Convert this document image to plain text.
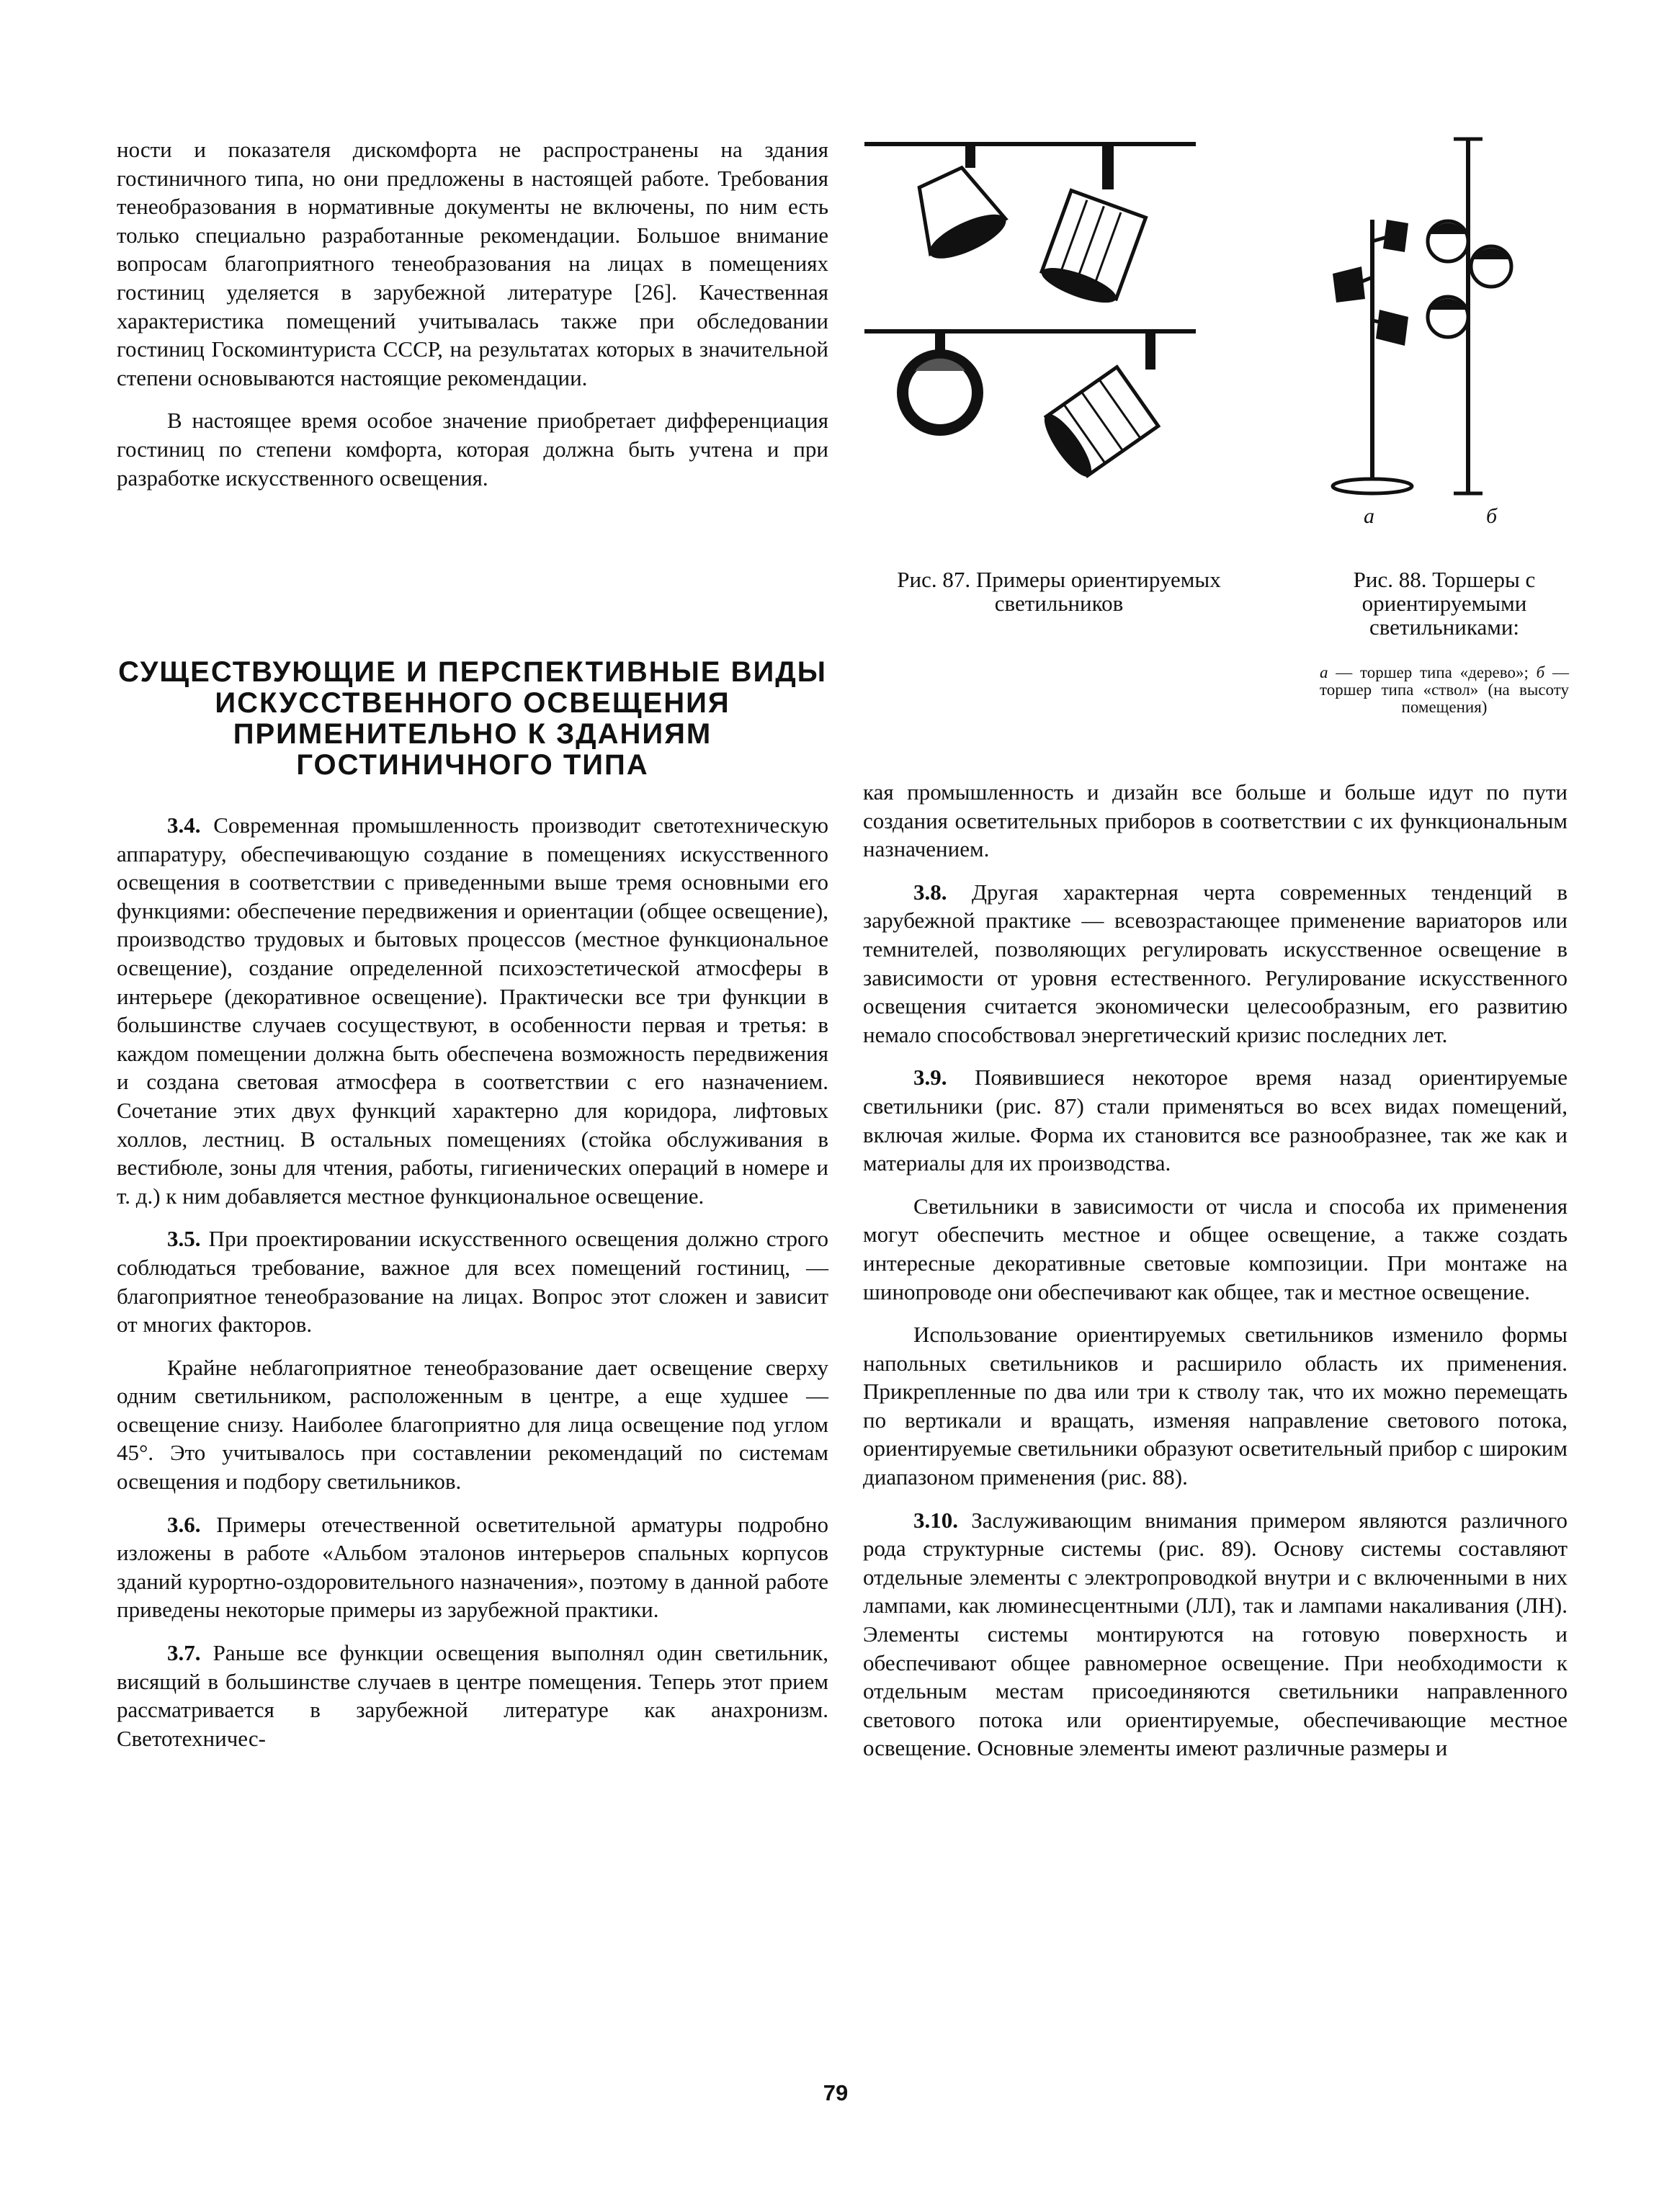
ности и показателя дискомфорта не распространены на здания гостиничного типа, но они предложены в настоящей работе. Требования тенеобразования в нормативные документы не включены, по ним есть только специально разработанные рекомендации. Большое внимание вопросам благоприятного тенеобразования на лицах в помещениях гостиниц уделяется в зарубежной литературе [26]. Качественная характеристика помещений учитывалась также при обследовании гостиниц Госкоминтуриста СССР, на результатах которых в значительной степени основываются настоящие рекомендации.

В настоящее время особое значение приобретает дифференциация гостиниц по степени комфорта, которая должна быть учтена и при разработке искусственного освещения.

СУЩЕСТВУЮЩИЕ И ПЕРСПЕКТИВНЫЕ ВИДЫ ИСКУССТВЕННОГО ОСВЕЩЕНИЯ ПРИМЕНИТЕЛЬНО К ЗДАНИЯМ ГОСТИНИЧНОГО ТИПА

3.4. Современная промышленность производит светотехническую аппаратуру, обеспечивающую создание в помещениях искусственного освещения в соответствии с приведенными выше тремя основными его функциями: обеспечение передвижения и ориентации (общее освещение), производство трудовых и бытовых процессов (местное функциональное освещение), создание определенной психоэстетической атмосферы в интерьере (декоративное освещение). Практически все три функции в большинстве случаев сосуществуют, в особенности первая и третья: в каждом помещении должна быть обеспечена возможность передвижения и создана световая атмосфера в соответствии с его назначением. Сочетание этих двух функций характерно для коридора, лифтовых холлов, лестниц. В остальных помещениях (стойка обслуживания в вестибюле, зоны для чтения, работы, гигиенических операций в номере и т. д.) к ним добавляется местное функциональное освещение.

3.5. При проектировании искусственного освещения должно строго соблюдаться требование, важное для всех помещений гостиниц, — благоприятное тенеобразование на лицах. Вопрос этот сложен и зависит от многих факторов.

Крайне неблагоприятное тенеобразование дает освещение сверху одним светильником, расположенным в центре, а еще худшее — освещение снизу. Наиболее благоприятно для лица освещение под углом 45°. Это учитывалось при составлении рекомендаций по системам освещения и подбору светильников.

3.6. Примеры отечественной осветительной арматуры подробно изложены в работе «Альбом эталонов интерьеров спальных корпусов зданий курортно-оздоровительного назначения», поэтому в данной работе приведены некоторые примеры из зарубежной практики.

3.7. Раньше все функции освещения выполнял один светильник, висящий в большинстве случаев в центре помещения. Теперь этот прием рассматривается в зарубежной литературе как анахронизм. Светотехничес-

а	б
Рис. 87. Примеры ориентируемых светильников
Рис. 88. Торшеры с ориентируемыми светильниками:
а — торшер типа «дерево»; б — торшер типа «ствол» (на высоту помещения)

кая промышленность и дизайн все больше и больше идут по пути создания осветительных приборов в соответствии с их функциональным назначением.

3.8. Другая характерная черта современных тенденций в зарубежной практике — всевозрастающее применение вариаторов или темнителей, позволяющих регулировать искусственное освещение в зависимости от уровня естественного. Регулирование искусственного освещения считается экономически целесообразным, его развитию немало способствовал энергетический кризис последних лет.

3.9. Появившиеся некоторое время назад ориентируемые светильники (рис. 87) стали применяться во всех видах помещений, включая жилые. Форма их становится все разнообразнее, так же как и материалы для их производства.

Светильники в зависимости от числа и способа их применения могут обеспечить местное и общее освещение, а также создать интересные декоративные световые композиции. При монтаже на шинопроводе они обеспечивают как общее, так и местное освещение.

Использование ориентируемых светильников изменило формы напольных светильников и расширило область их применения. Прикрепленные по два или три к стволу так, что их можно перемещать по вертикали и вращать, изменяя направление светового потока, ориентируемые светильники образуют осветительный прибор с широким диапазоном применения (рис. 88).

3.10. Заслуживающим внимания примером являются различного рода структурные системы (рис. 89). Основу системы составляют отдельные элементы с электропроводкой внутри и с включенными в них лампами, как люминесцентными (ЛЛ), так и лампами накаливания (ЛН). Элементы системы монтируются на готовую поверхность и обеспечивают общее равномерное освещение. При необходимости к отдельным местам присоединяются светильники направленного светового потока или ориентируемые, обеспечивающие местное освещение. Основные элементы имеют различные размеры и

79
